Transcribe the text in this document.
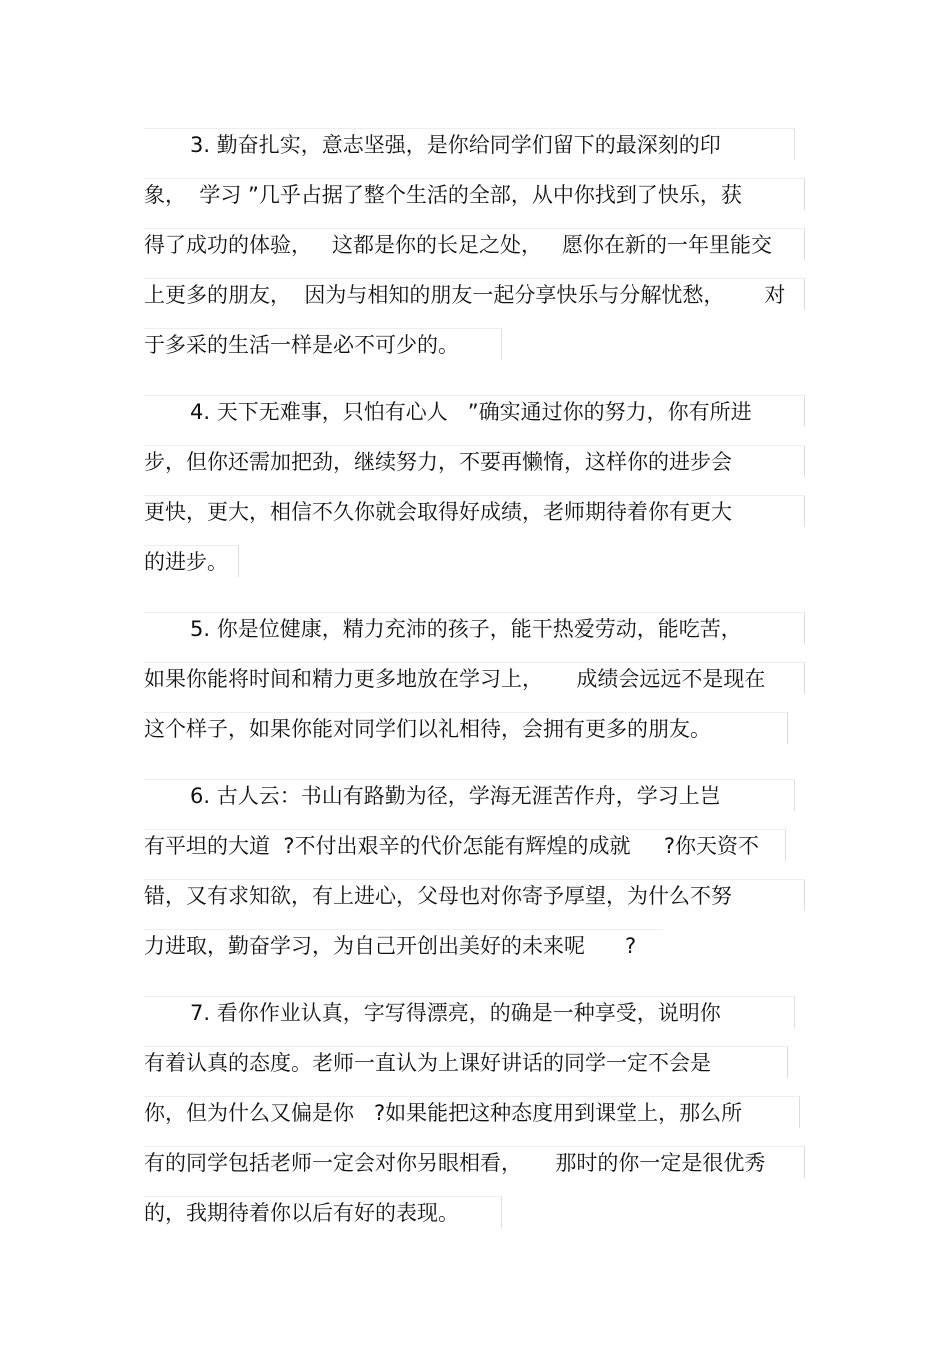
3. 勤奋扎实，意志坚强，是你给同学们留下的最深刻的印
象，  学习 ”几乎占据了整个生活的全部，从中你找到了快乐，获
得了成功的体验，   这都是你的长足之处，   愿你在新的一年里能交
上更多的朋友，  因为与相知的朋友一起分享快乐与分解忧愁，      对
于多采的生活一样是必不可少的。
4. 天下无难事，只怕有心人   ”确实通过你的努力，你有所进
步，但你还需加把劲，继续努力，不要再懒惰，这样你的进步会
更快，更大，相信不久你就会取得好成绩，老师期待着你有更大
的进步。
5. 你是位健康，精力充沛的孩子，能干热爱劳动，能吃苦，
如果你能将时间和精力更多地放在学习上，     成绩会远远不是现在
这个样子，如果你能对同学们以礼相待，会拥有更多的朋友。
6. 古人云：书山有路勤为径，学海无涯苦作舟，学习上岂
有平坦的大道  ?不付出艰辛的代价怎能有辉煌的成就     ?你天资不
错，又有求知欲，有上进心，父母也对你寄予厚望，为什么不努
力进取，勤奋学习，为自己开创出美好的未来呢      ?
7. 看你作业认真，字写得漂亮，的确是一种享受，说明你
有着认真的态度。老师一直认为上课好讲话的同学一定不会是
你，但为什么又偏是你   ?如果能把这种态度用到课堂上，那么所
有的同学包括老师一定会对你另眼相看，     那时的你一定是很优秀
的，我期待着你以后有好的表现。
